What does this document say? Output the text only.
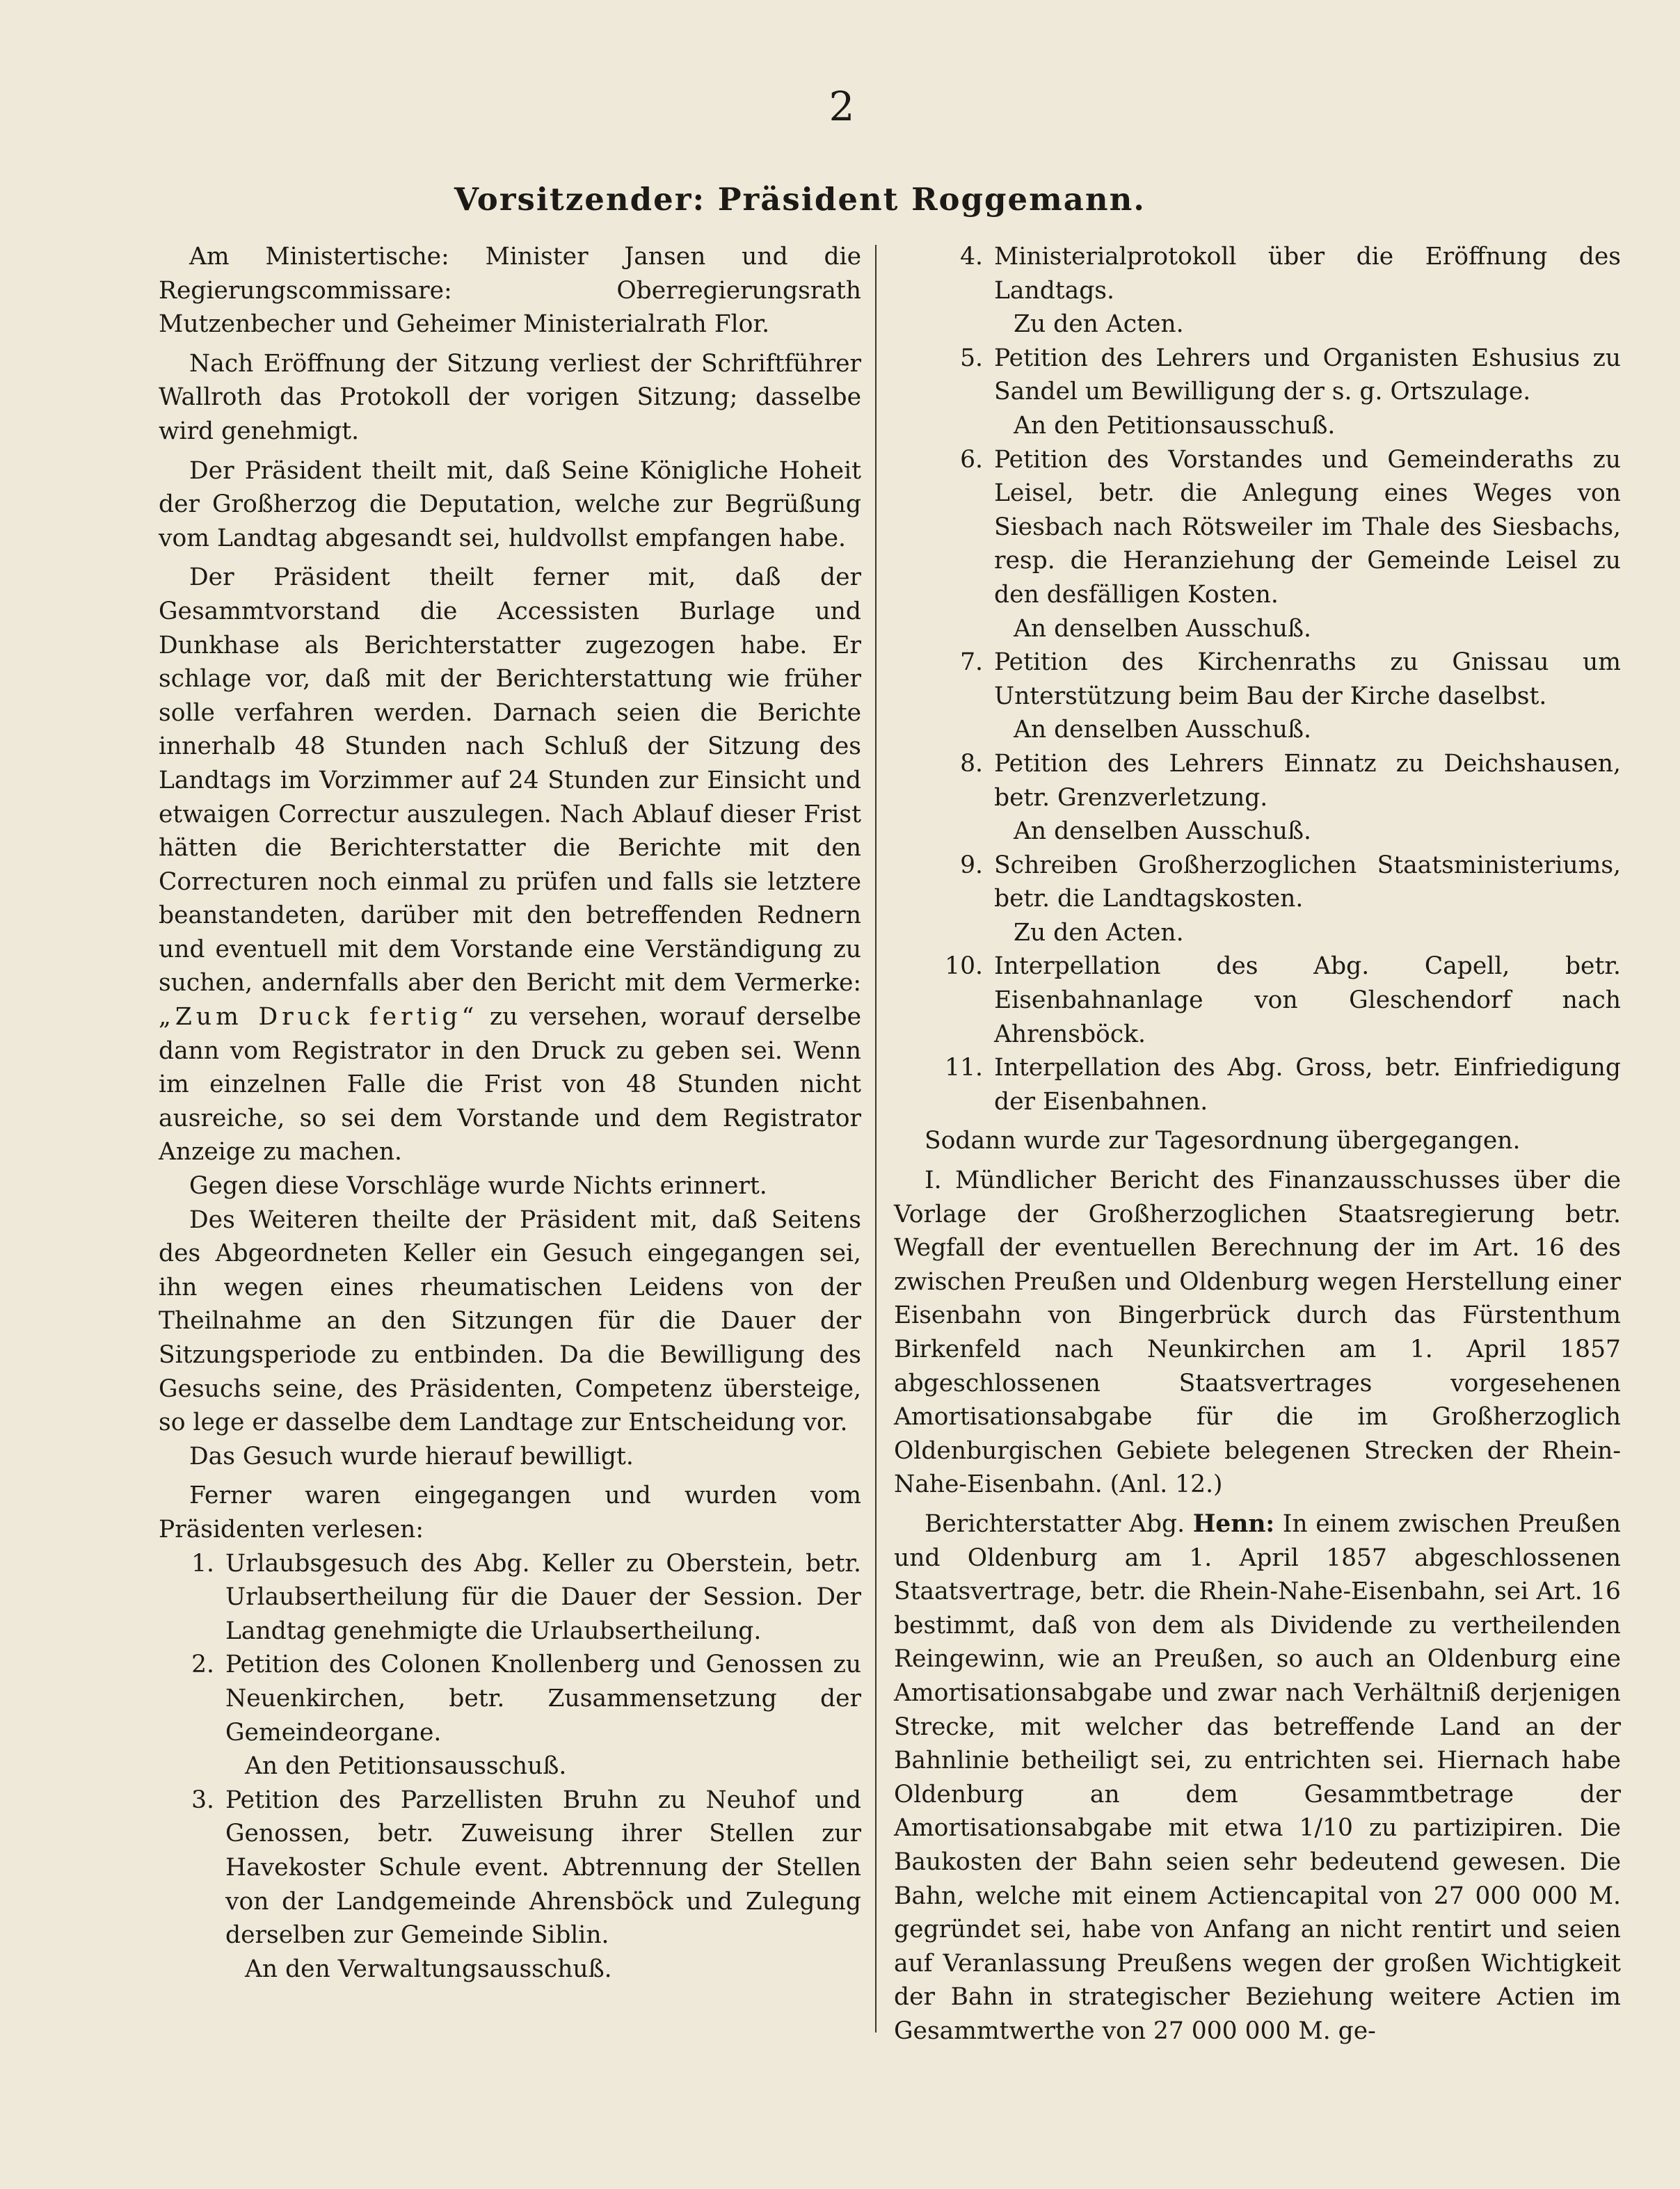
2
Vorsitzender: Präsident Roggemann.

Am Ministertische: Minister Jansen und die Regierungscommissare: Oberregierungsrath Mutzenbecher und Geheimer Ministerialrath Flor.

Nach Eröffnung der Sitzung verliest der Schriftführer Wallroth das Protokoll der vorigen Sitzung; dasselbe wird genehmigt.

Der Präsident theilt mit, daß Seine Königliche Hoheit der Großherzog die Deputation, welche zur Begrüßung vom Landtag abgesandt sei, huldvollst empfangen habe.

Der Präsident theilt ferner mit, daß der Gesammtvorstand die Accessisten Burlage und Dunkhase als Berichterstatter zugezogen habe. Er schlage vor, daß mit der Berichterstattung wie früher solle verfahren werden. Darnach seien die Berichte innerhalb 48 Stunden nach Schluß der Sitzung des Landtags im Vorzimmer auf 24 Stunden zur Einsicht und etwaigen Correctur auszulegen. Nach Ablauf dieser Frist hätten die Berichterstatter die Berichte mit den Correcturen noch einmal zu prüfen und falls sie letztere beanstandeten, darüber mit den betreffenden Rednern und eventuell mit dem Vorstande eine Verständigung zu suchen, andernfalls aber den Bericht mit dem Vermerke: „Zum Druck fertig“ zu versehen, worauf derselbe dann vom Registrator in den Druck zu geben sei. Wenn im einzelnen Falle die Frist von 48 Stunden nicht ausreiche, so sei dem Vorstande und dem Registrator Anzeige zu machen.

Gegen diese Vorschläge wurde Nichts erinnert.

Des Weiteren theilte der Präsident mit, daß Seitens des Abgeordneten Keller ein Gesuch eingegangen sei, ihn wegen eines rheumatischen Leidens von der Theilnahme an den Sitzungen für die Dauer der Sitzungsperiode zu entbinden. Da die Bewilligung des Gesuchs seine, des Präsidenten, Competenz übersteige, so lege er dasselbe dem Landtage zur Entscheidung vor.

Das Gesuch wurde hierauf bewilligt.

Ferner waren eingegangen und wurden vom Präsidenten verlesen:

1. Urlaubsgesuch des Abg. Keller zu Oberstein, betr. Urlaubsertheilung für die Dauer der Session. Der Landtag genehmigte die Urlaubsertheilung.
2. Petition des Colonen Knollenberg und Genossen zu Neuenkirchen, betr. Zusammensetzung der Gemeindeorgane.
An den Petitionsausschuß.
3. Petition des Parzellisten Bruhn zu Neuhof und Genossen, betr. Zuweisung ihrer Stellen zur Havekoster Schule event. Abtrennung der Stellen von der Landgemeinde Ahrensböck und Zulegung derselben zur Gemeinde Siblin.
An den Verwaltungsausschuß.
4. Ministerialprotokoll über die Eröffnung des Landtags.
Zu den Acten.
5. Petition des Lehrers und Organisten Eshusius zu Sandel um Bewilligung der s. g. Ortszulage.
An den Petitionsausschuß.
6. Petition des Vorstandes und Gemeinderaths zu Leisel, betr. die Anlegung eines Weges von Siesbach nach Rötsweiler im Thale des Siesbachs, resp. die Heranziehung der Gemeinde Leisel zu den desfälligen Kosten.
An denselben Ausschuß.
7. Petition des Kirchenraths zu Gnissau um Unterstützung beim Bau der Kirche daselbst.
An denselben Ausschuß.
8. Petition des Lehrers Einnatz zu Deichshausen, betr. Grenzverletzung.
An denselben Ausschuß.
9. Schreiben Großherzoglichen Staatsministeriums, betr. die Landtagskosten.
Zu den Acten.
10. Interpellation des Abg. Capell, betr. Eisenbahnanlage von Gleschendorf nach Ahrensböck.
11. Interpellation des Abg. Gross, betr. Einfriedigung der Eisenbahnen.

Sodann wurde zur Tagesordnung übergegangen.

I. Mündlicher Bericht des Finanzausschusses über die Vorlage der Großherzoglichen Staatsregierung betr. Wegfall der eventuellen Berechnung der im Art. 16 des zwischen Preußen und Oldenburg wegen Herstellung einer Eisenbahn von Bingerbrück durch das Fürstenthum Birkenfeld nach Neunkirchen am 1. April 1857 abgeschlossenen Staatsvertrages vorgesehenen Amortisationsabgabe für die im Großherzoglich Oldenburgischen Gebiete belegenen Strecken der Rhein-Nahe-Eisenbahn. (Anl. 12.)

Berichterstatter Abg. Henn: In einem zwischen Preußen und Oldenburg am 1. April 1857 abgeschlossenen Staatsvertrage, betr. die Rhein-Nahe-Eisenbahn, sei Art. 16 bestimmt, daß von dem als Dividende zu vertheilenden Reingewinn, wie an Preußen, so auch an Oldenburg eine Amortisationsabgabe und zwar nach Verhältniß derjenigen Strecke, mit welcher das betreffende Land an der Bahnlinie betheiligt sei, zu entrichten sei. Hiernach habe Oldenburg an dem Gesammtbetrage der Amortisationsabgabe mit etwa 1/10 zu partizipiren. Die Baukosten der Bahn seien sehr bedeutend gewesen. Die Bahn, welche mit einem Actiencapital von 27 000 000 M. gegründet sei, habe von Anfang an nicht rentirt und seien auf Veranlassung Preußens wegen der großen Wichtigkeit der Bahn in strategischer Beziehung weitere Actien im Gesammtwerthe von 27 000 000 M. ge-
